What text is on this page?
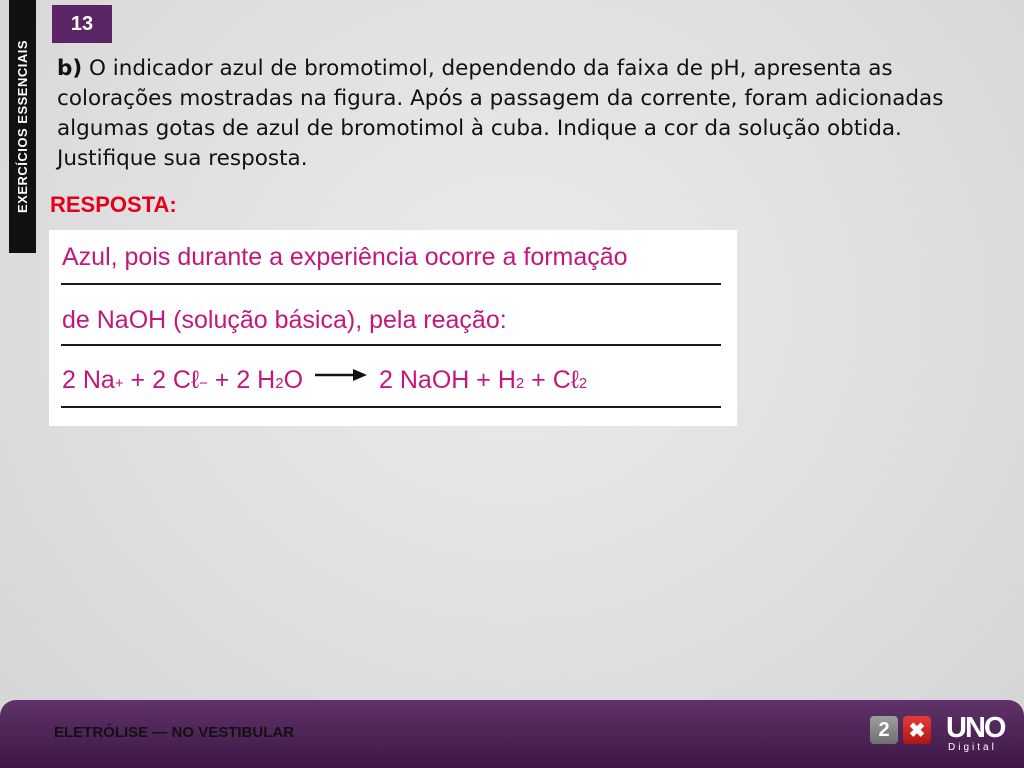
EXERCÍCIOS ESSENCIAIS
13
b) O indicador azul de bromotimol, dependendo da faixa de pH, apresenta as colorações mostradas na figura. Após a passagem da corrente, foram adicionadas algumas gotas de azul de bromotimol à cuba. Indique a cor da solução obtida. Justifique sua resposta.
RESPOSTA:
Azul, pois durante a experiência ocorre a formação
de NaOH (solução básica), pela reação:
2 Na + + 2 Cℓ − + 2 H 2 O → 2 NaOH + H 2 + Cℓ 2
ELETRÓLISE — NO VESTIBULAR	2 ✖ UNO
Digital
